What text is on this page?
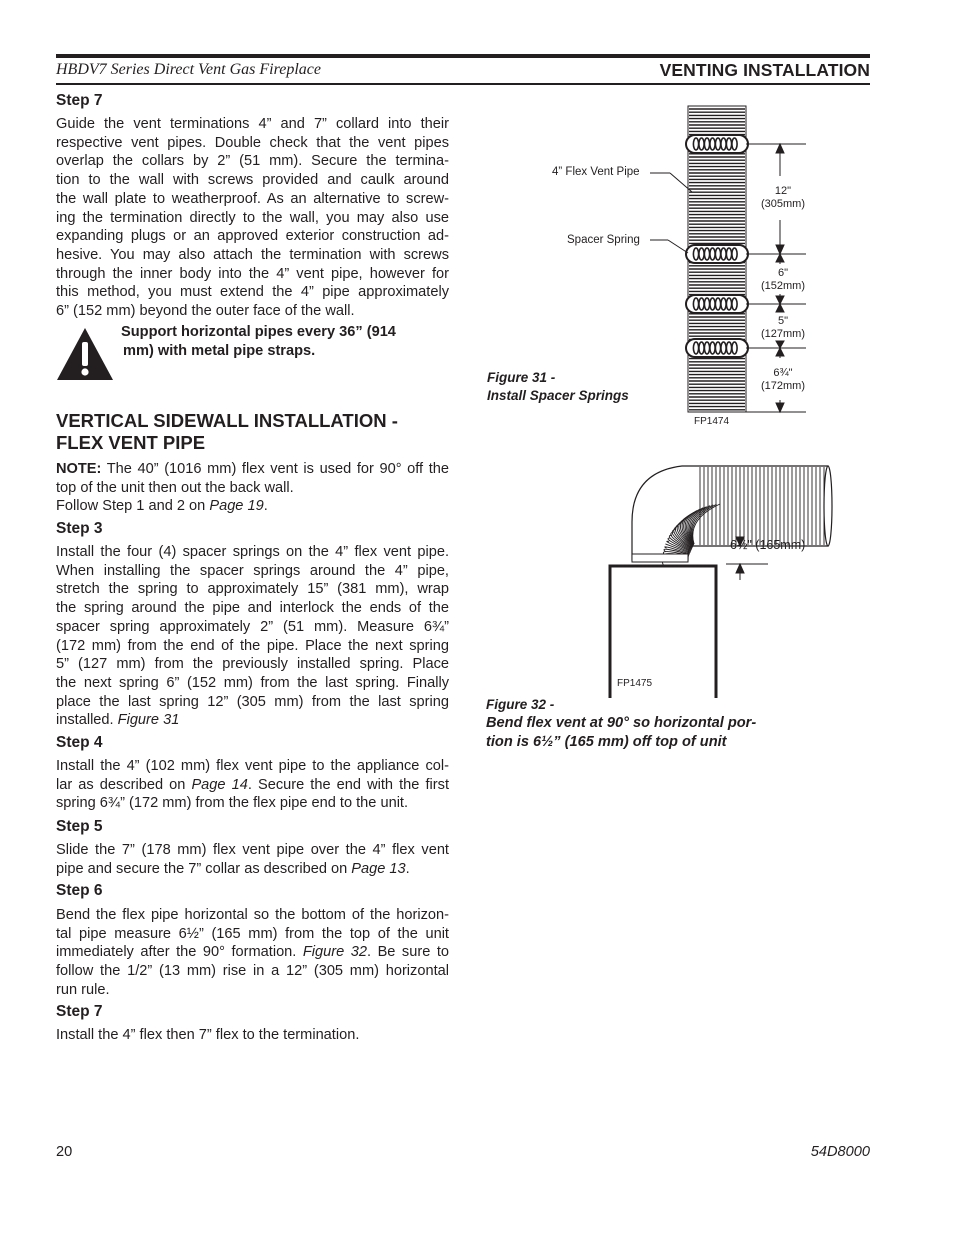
HBDV7 Series Direct Vent Gas Fireplace	VENTING INSTALLATION
Step 7
Guide the vent terminations 4” and 7” collard into their
respective vent pipes. Double check that the vent pipes
overlap the collars by 2” (51 mm). Secure the termina-
tion to the wall with screws provided and caulk around
the wall plate to weatherproof. As an alternative to screw-
ing the termination directly to the wall, you may also use
expanding plugs or an approved exterior construction ad-
hesive. You may also attach the termination with screws
through the inner body into the 4” vent pipe, however for
this method, you must extend the 4” pipe approximately
6” (152 mm) beyond the outer face of the wall.
Support horizontal pipes every 36” (914
mm) with metal pipe straps.
VERTICAL SIDEWALL INSTALLATION -
FLEX VENT PIPE
NOTE: The 40” (1016 mm) flex vent is used for 90° off the
top of the unit then out the back wall.
Follow Step 1 and 2 on Page 19.
Step 3
Install the four (4) spacer springs on the 4” flex vent pipe.
When installing the spacer springs around the 4” pipe,
stretch the spring to approximately 15” (381 mm), wrap
the spring around the pipe and interlock the ends of the
spacer spring approximately 2” (51 mm). Measure 6¾”
(172 mm) from the end of the pipe. Place the next spring
5” (127 mm) from the previously installed spring. Place
the next spring 6” (152 mm) from the last spring. Finally
place the last spring 12” (305 mm) from the last spring
installed. Figure 31
Step 4
Install the 4” (102 mm) flex vent pipe to the appliance col-
lar as described on Page 14. Secure the end with the first
spring 6¾” (172 mm) from the flex pipe end to the unit.
Step 5
Slide the 7” (178 mm) flex vent pipe over the 4” flex vent
pipe and secure the 7” collar as described on Page 13.
Step 6
Bend the flex pipe horizontal so the bottom of the horizon-
tal pipe measure 6½” (165 mm) from the top of the unit
immediately after the 90° formation. Figure 32. Be sure to
follow the 1/2” (13 mm) rise in a 12” (305 mm) horizontal
run rule.
Step 7
Install the 4” flex then 7” flex to the termination.
4” Flex Vent Pipe
Spacer Spring
12"
(305mm)
6"
(152mm)
5"
(127mm)
6¾"
(172mm)
FP1474
Figure 31 -
Install Spacer Springs
6½" (165mm)
FP1475
Figure 32 -
Bend flex vent at 90° so horizontal por-
tion is 6½” (165 mm) off top of unit
20	54D8000
